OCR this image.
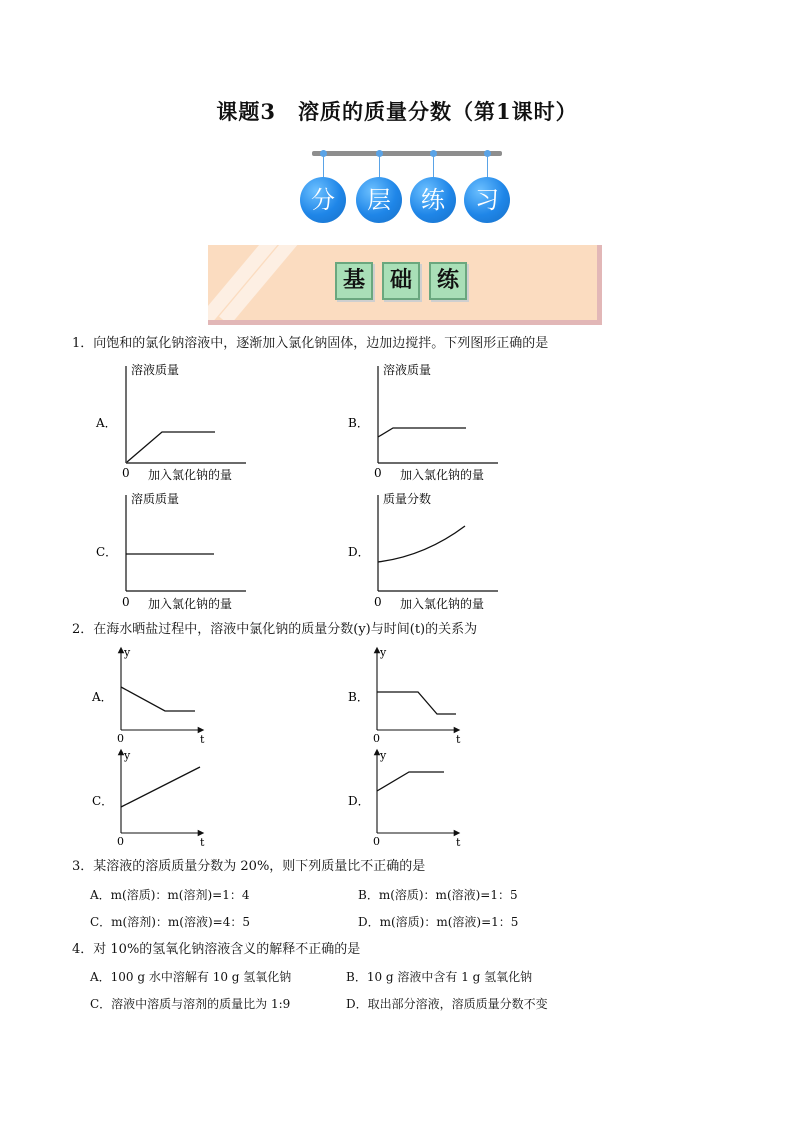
课题3　溶质的质量分数（第1课时）
分	层	练	习
基	础	练
1．向饱和的氯化钠溶液中，逐渐加入氯化钠固体，边加边搅拌。下列图形正确的是
A．
溶液质量
0 加入氯化钠的量
B．
溶液质量
0 加入氯化钠的量
C．
溶质质量
0 加入氯化钠的量
D．
质量分数
0 加入氯化钠的量
A．
y
0	t
B．
y
0	t
C．
y
0	t
D．
y
0	t
2．在海水晒盐过程中，溶液中氯化钠的质量分数(y)与时间(t)的关系为
3．某溶液的溶质质量分数为 20%，则下列质量比不正确的是
A．m(溶质)：m(溶剂)=1：4	B．m(溶质)：m(溶液)=1：5
C．m(溶剂)：m(溶液)=4：5	D．m(溶质)：m(溶液)=1：5
4．对 10%的氢氧化钠溶液含义的解释不正确的是
A．100 g 水中溶解有 10 g 氢氧化钠	B．10 g 溶液中含有 1 g 氢氧化钠
C．溶液中溶质与溶剂的质量比为 1:9	D．取出部分溶液，溶质质量分数不变
